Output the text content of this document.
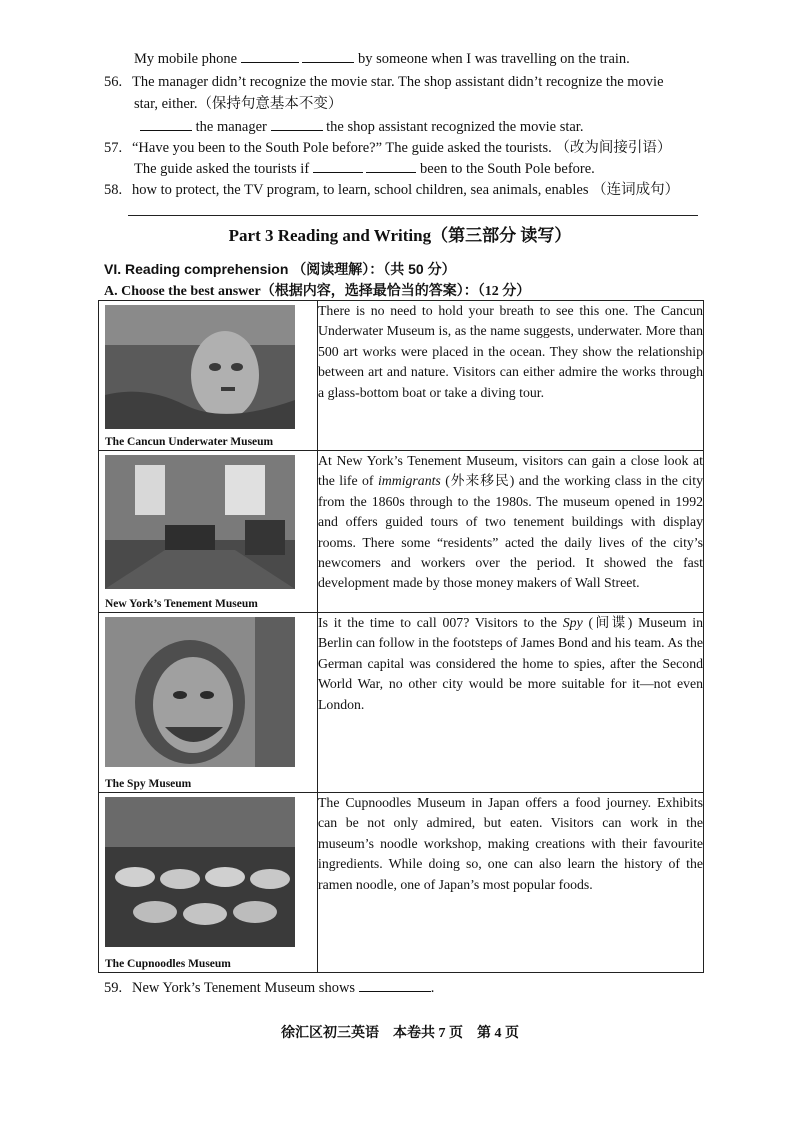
My mobile phone	by someone when I was travelling on the train.
56. The manager didn’t recognize the movie star. The shop assistant didn’t recognize the movie
star, either.（保持句意基本不变）
the manager	the shop assistant recognized the movie star.
57. “Have you been to the South Pole before?” The guide asked the tourists. （改为间接引语）
The guide asked the tourists if	been to the South Pole before.
58. how to protect, the TV program, to learn, school children, sea animals, enables （连词成句）
Part 3 Reading and Writing（第三部分 读写）
VI. Reading comprehension （阅读理解）：（共 50 分）
A. Choose the best answer（根据内容，选择最恰当的答案）：（12 分）
The Cancun Underwater Museum	There is no need to hold your breath to see this one. The Cancun Underwater Museum is, as the name suggests, underwater. More than 500 art works were placed in the ocean. They show the relationship between art and nature. Visitors can either admire the works through a glass-bottom boat or take a diving tour.

New York’s Tenement Museum	At New York’s Tenement Museum, visitors can gain a close look at the life of immigrants (外来移民) and the working class in the city from the 1860s through to the 1980s. The museum opened in 1992 and offers guided tours of two tenement buildings with display rooms. There some “residents” acted the daily lives of the city’s newcomers and workers over the period. It showed the fast development made by those money makers of Wall Street.

The Spy Museum	Is it the time to call 007? Visitors to the Spy (间谍) Museum in Berlin can follow in the footsteps of James Bond and his team. As the German capital was considered the home to spies, after the Second World War, no other city would be more suitable for it—not even London.

The Cupnoodles Museum	The Cupnoodles Museum in Japan offers a food journey. Exhibits can be not only admired, but eaten. Visitors can work in the museum’s noodle workshop, making creations with their favourite ingredients. While doing so, one can also learn the history of the ramen noodle, one of Japan’s most popular foods.
59. New York’s Tenement Museum shows	.
徐汇区初三英语　本卷共 7 页　第 4 页
